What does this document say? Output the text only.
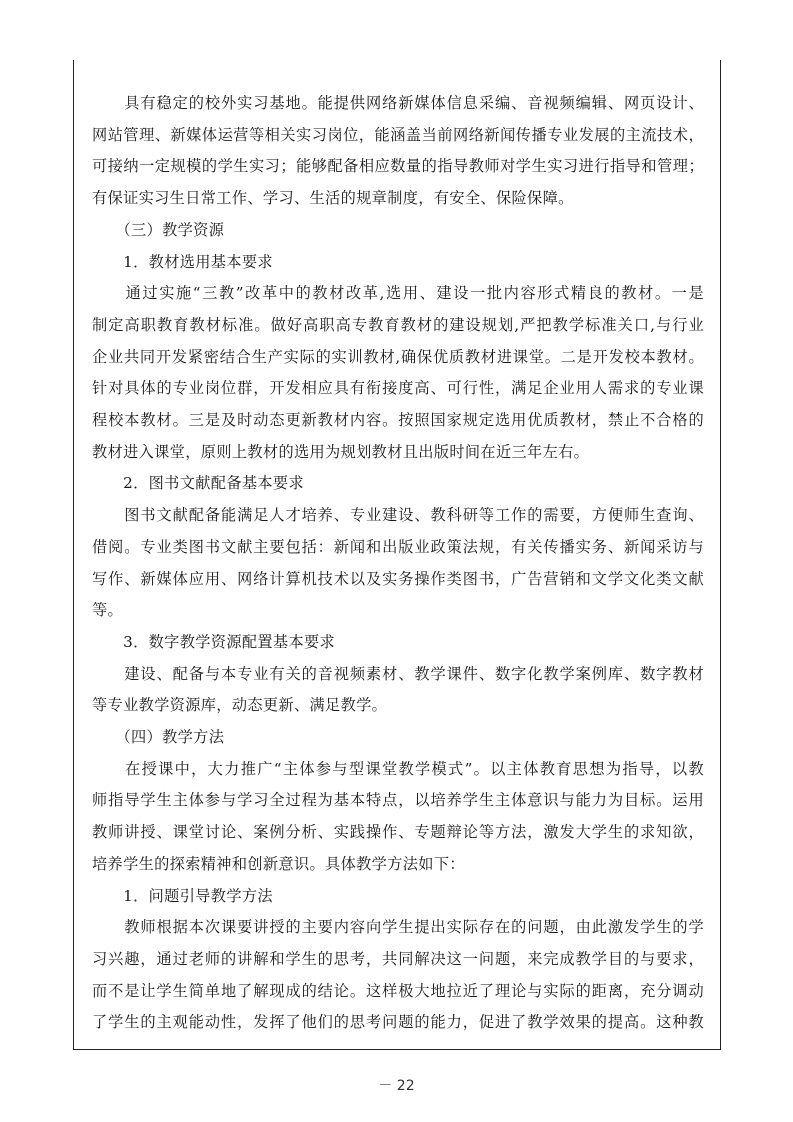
　　具有稳定的校外实习基地。能提供网络新媒体信息采编、音视频编辑、网页设计、
网站管理、新媒体运营等相关实习岗位，能涵盖当前网络新闻传播专业发展的主流技术，
可接纳一定规模的学生实习；能够配备相应数量的指导教师对学生实习进行指导和管理；
有保证实习生日常工作、学习、生活的规章制度，有安全、保险保障。
　　（三）教学资源
　　1．教材选用基本要求
　　通过实施“三教”改革中的教材改革,选用、建设一批内容形式精良的教材。一是
制定高职教育教材标准。做好高职高专教育教材的建设规划,严把教学标准关口,与行业
企业共同开发紧密结合生产实际的实训教材,确保优质教材进课堂。二是开发校本教材。
针对具体的专业岗位群，开发相应具有衔接度高、可行性，满足企业用人需求的专业课
程校本教材。三是及时动态更新教材内容。按照国家规定选用优质教材，禁止不合格的
教材进入课堂，原则上教材的选用为规划教材且出版时间在近三年左右。
　　2．图书文献配备基本要求
　　图书文献配备能满足人才培养、专业建设、教科研等工作的需要，方便师生查询、
借阅。专业类图书文献主要包括：新闻和出版业政策法规，有关传播实务、新闻采访与
写作、新媒体应用、网络计算机技术以及实务操作类图书，广告营销和文学文化类文献
等。
　　3．数字教学资源配置基本要求
　　建设、配备与本专业有关的音视频素材、教学课件、数字化教学案例库、数字教材
等专业教学资源库，动态更新、满足教学。
　　（四）教学方法
　　在授课中，大力推广“主体参与型课堂教学模式”。以主体教育思想为指导，以教
师指导学生主体参与学习全过程为基本特点，以培养学生主体意识与能力为目标。运用
教师讲授、课堂讨论、案例分析、实践操作、专题辩论等方法，激发大学生的求知欲，
培养学生的探索精神和创新意识。具体教学方法如下：
　　1．问题引导教学方法
　　教师根据本次课要讲授的主要内容向学生提出实际存在的问题，由此激发学生的学
习兴趣，通过老师的讲解和学生的思考，共同解决这一问题，来完成教学目的与要求，
而不是让学生简单地了解现成的结论。这样极大地拉近了理论与实际的距离，充分调动
了学生的主观能动性，发挥了他们的思考问题的能力，促进了教学效果的提高。这种教
－ 22
